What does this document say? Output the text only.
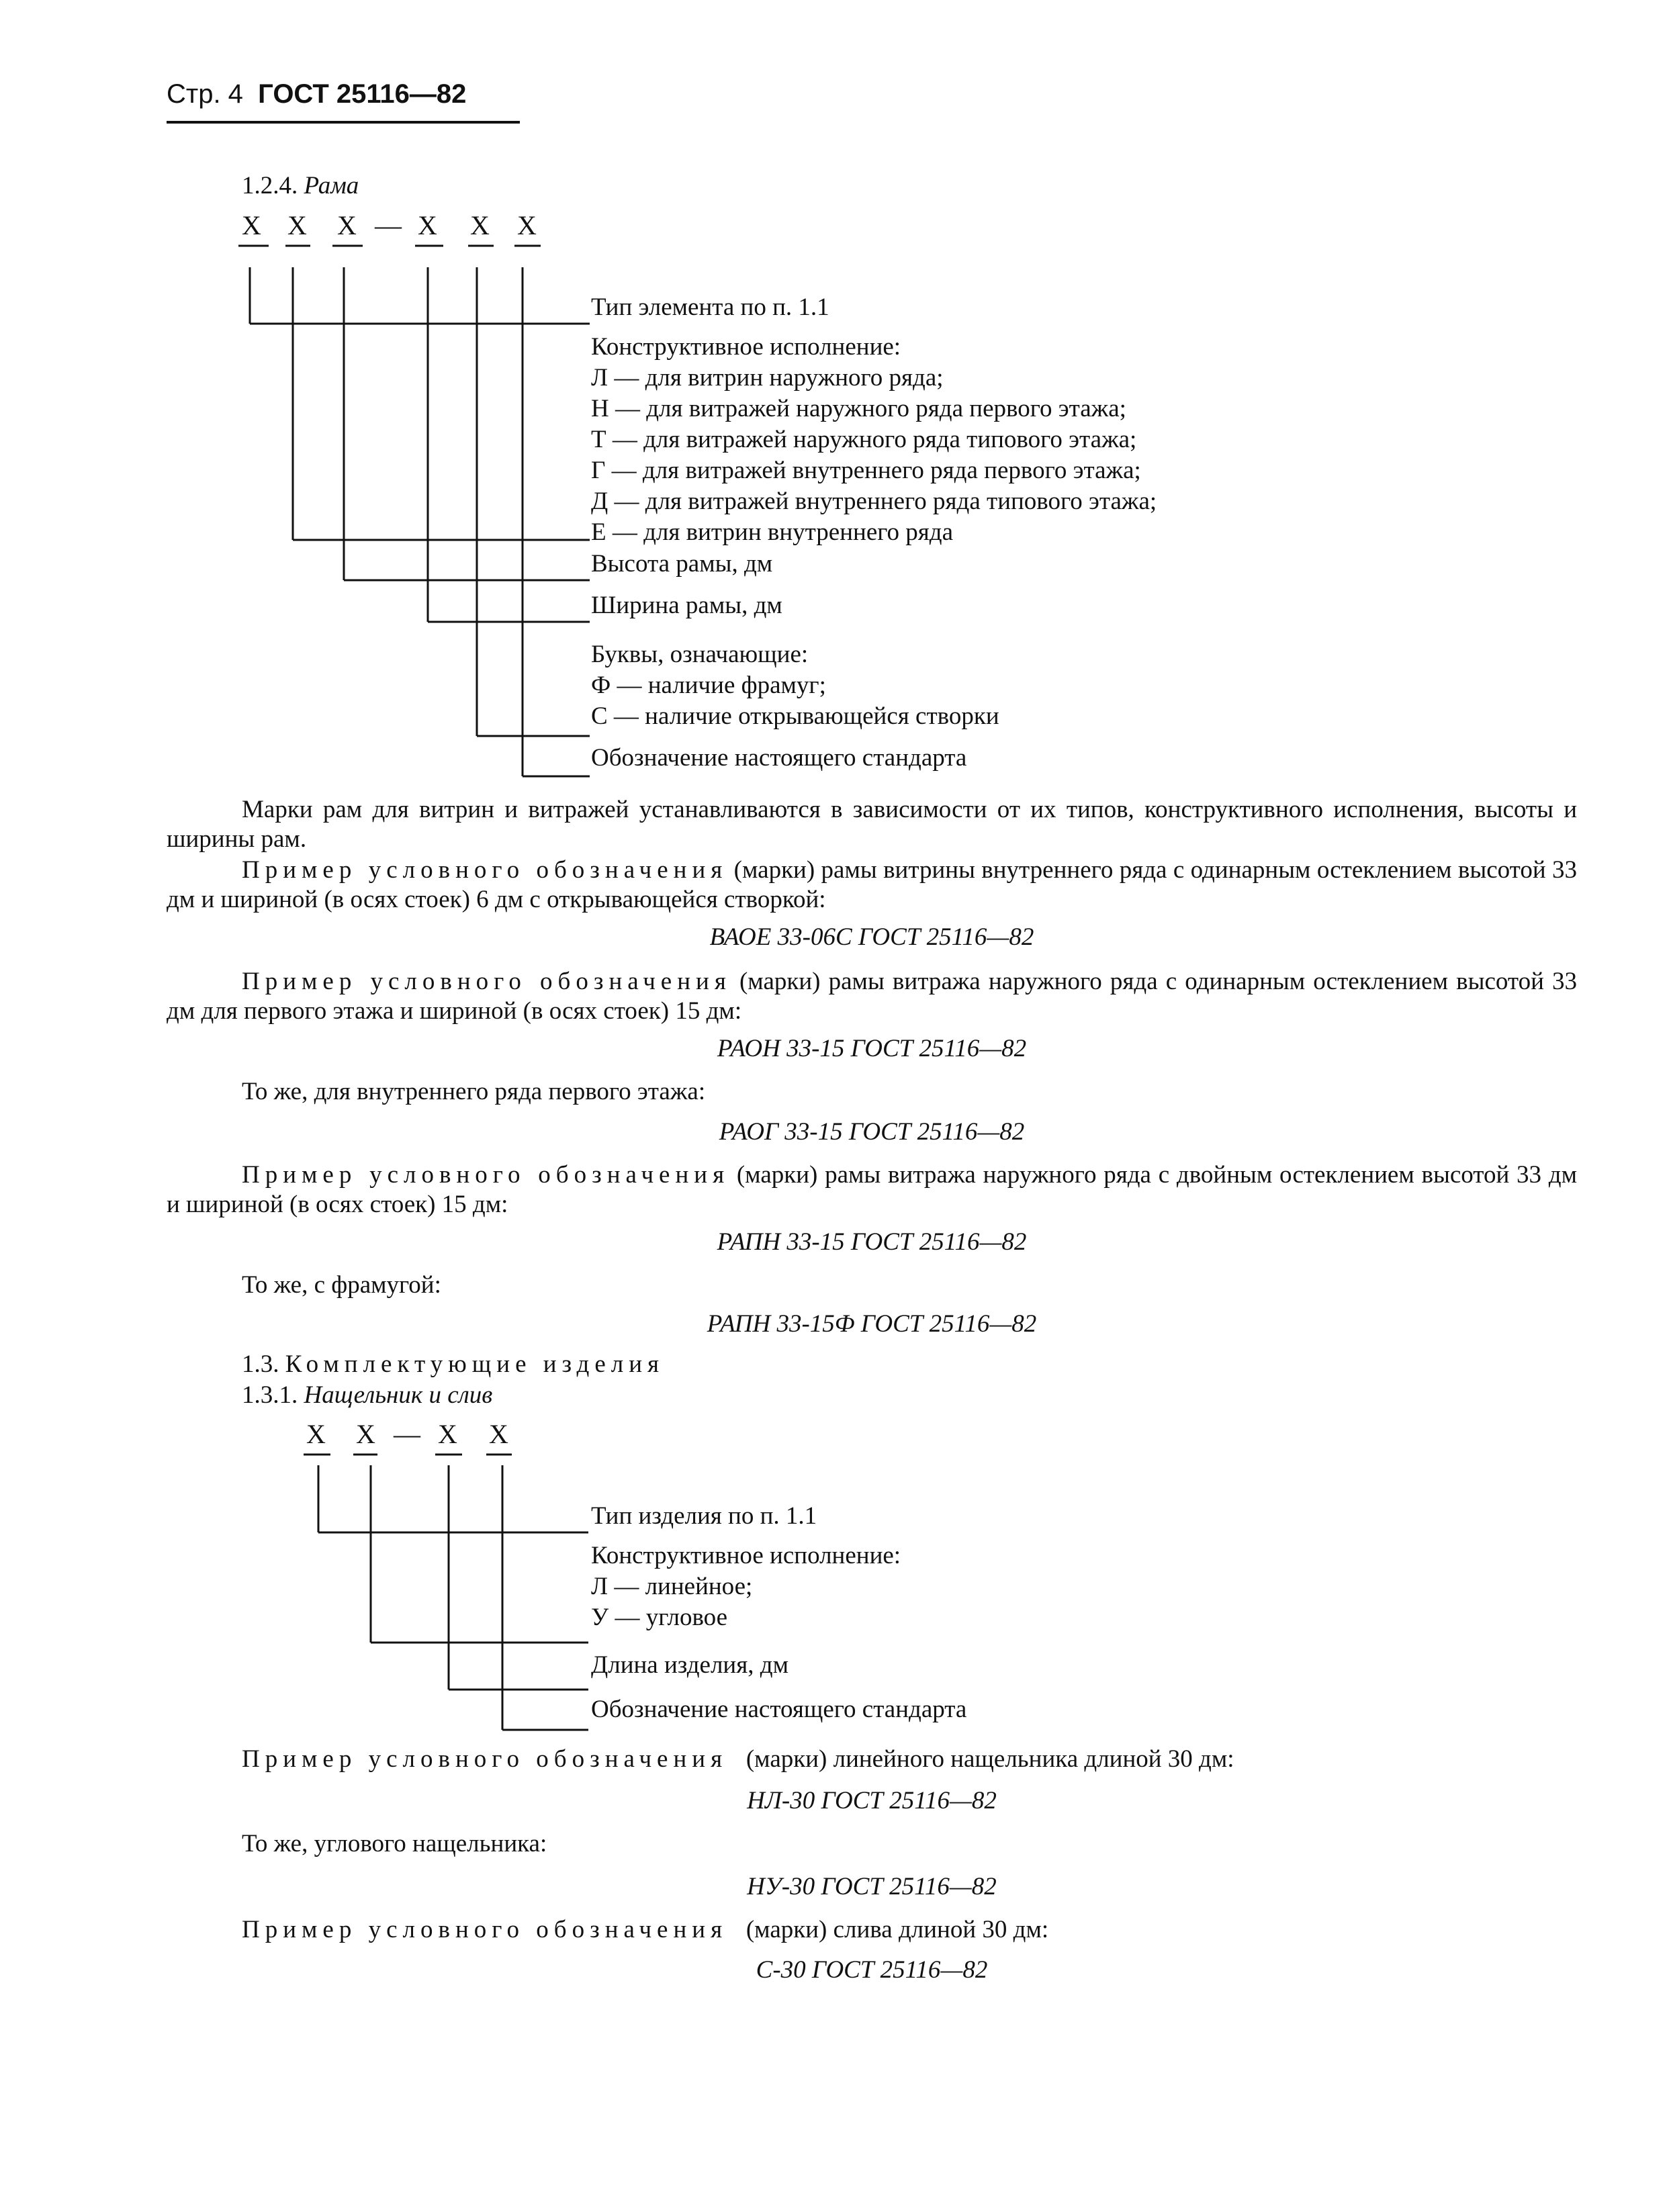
Стр. 4 ГОСТ 25116—82
1.2.4. Рама
Х Х Х — Х Х Х
Тип элемента по п. 1.1
Конструктивное исполнение:
Л — для витрин наружного ряда;
Н — для витражей наружного ряда первого этажа;
Т — для витражей наружного ряда типового этажа;
Г — для витражей внутреннего ряда первого этажа;
Д — для витражей внутреннего ряда типового этажа;
Е — для витрин внутреннего ряда
Высота рамы, дм
Ширина рамы, дм
Буквы, означающие:
Ф — наличие фрамуг;
С — наличие открывающейся створки
Обозначение настоящего стандарта
Марки рам для витрин и витражей устанавливаются в зависимости от их типов, конструктивного исполнения, высоты и ширины рам.
Пример условного обозначения (марки) рамы витрины внутреннего ряда с одинарным остеклением высотой 33 дм и шириной (в осях стоек) 6 дм с открывающейся створкой:
ВАОЕ 33-06С ГОСТ 25116—82
Пример условного обозначения (марки) рамы витража наружного ряда с одинарным остеклением высотой 33 дм для первого этажа и шириной (в осях стоек) 15 дм:
РАОН 33-15 ГОСТ 25116—82
То же, для внутреннего ряда первого этажа:
РАОГ 33-15 ГОСТ 25116—82
Пример условного обозначения (марки) рамы витража наружного ряда с двойным остеклением высотой 33 дм и шириной (в осях стоек) 15 дм:
РАПН 33-15 ГОСТ 25116—82
То же, с фрамугой:
РАПН 33-15Ф ГОСТ 25116—82
1.3. Комплектующие изделия
1.3.1. Нащельник и слив
Х Х — Х Х
Тип изделия по п. 1.1
Конструктивное исполнение:
Л — линейное;
У — угловое
Длина изделия, дм
Обозначение настоящего стандарта
Пример условного обозначения (марки) линейного нащельника длиной 30 дм:
НЛ-30 ГОСТ 25116—82
То же, углового нащельника:
НУ-30 ГОСТ 25116—82
Пример условного обозначения (марки) слива длиной 30 дм:
С-30 ГОСТ 25116—82
